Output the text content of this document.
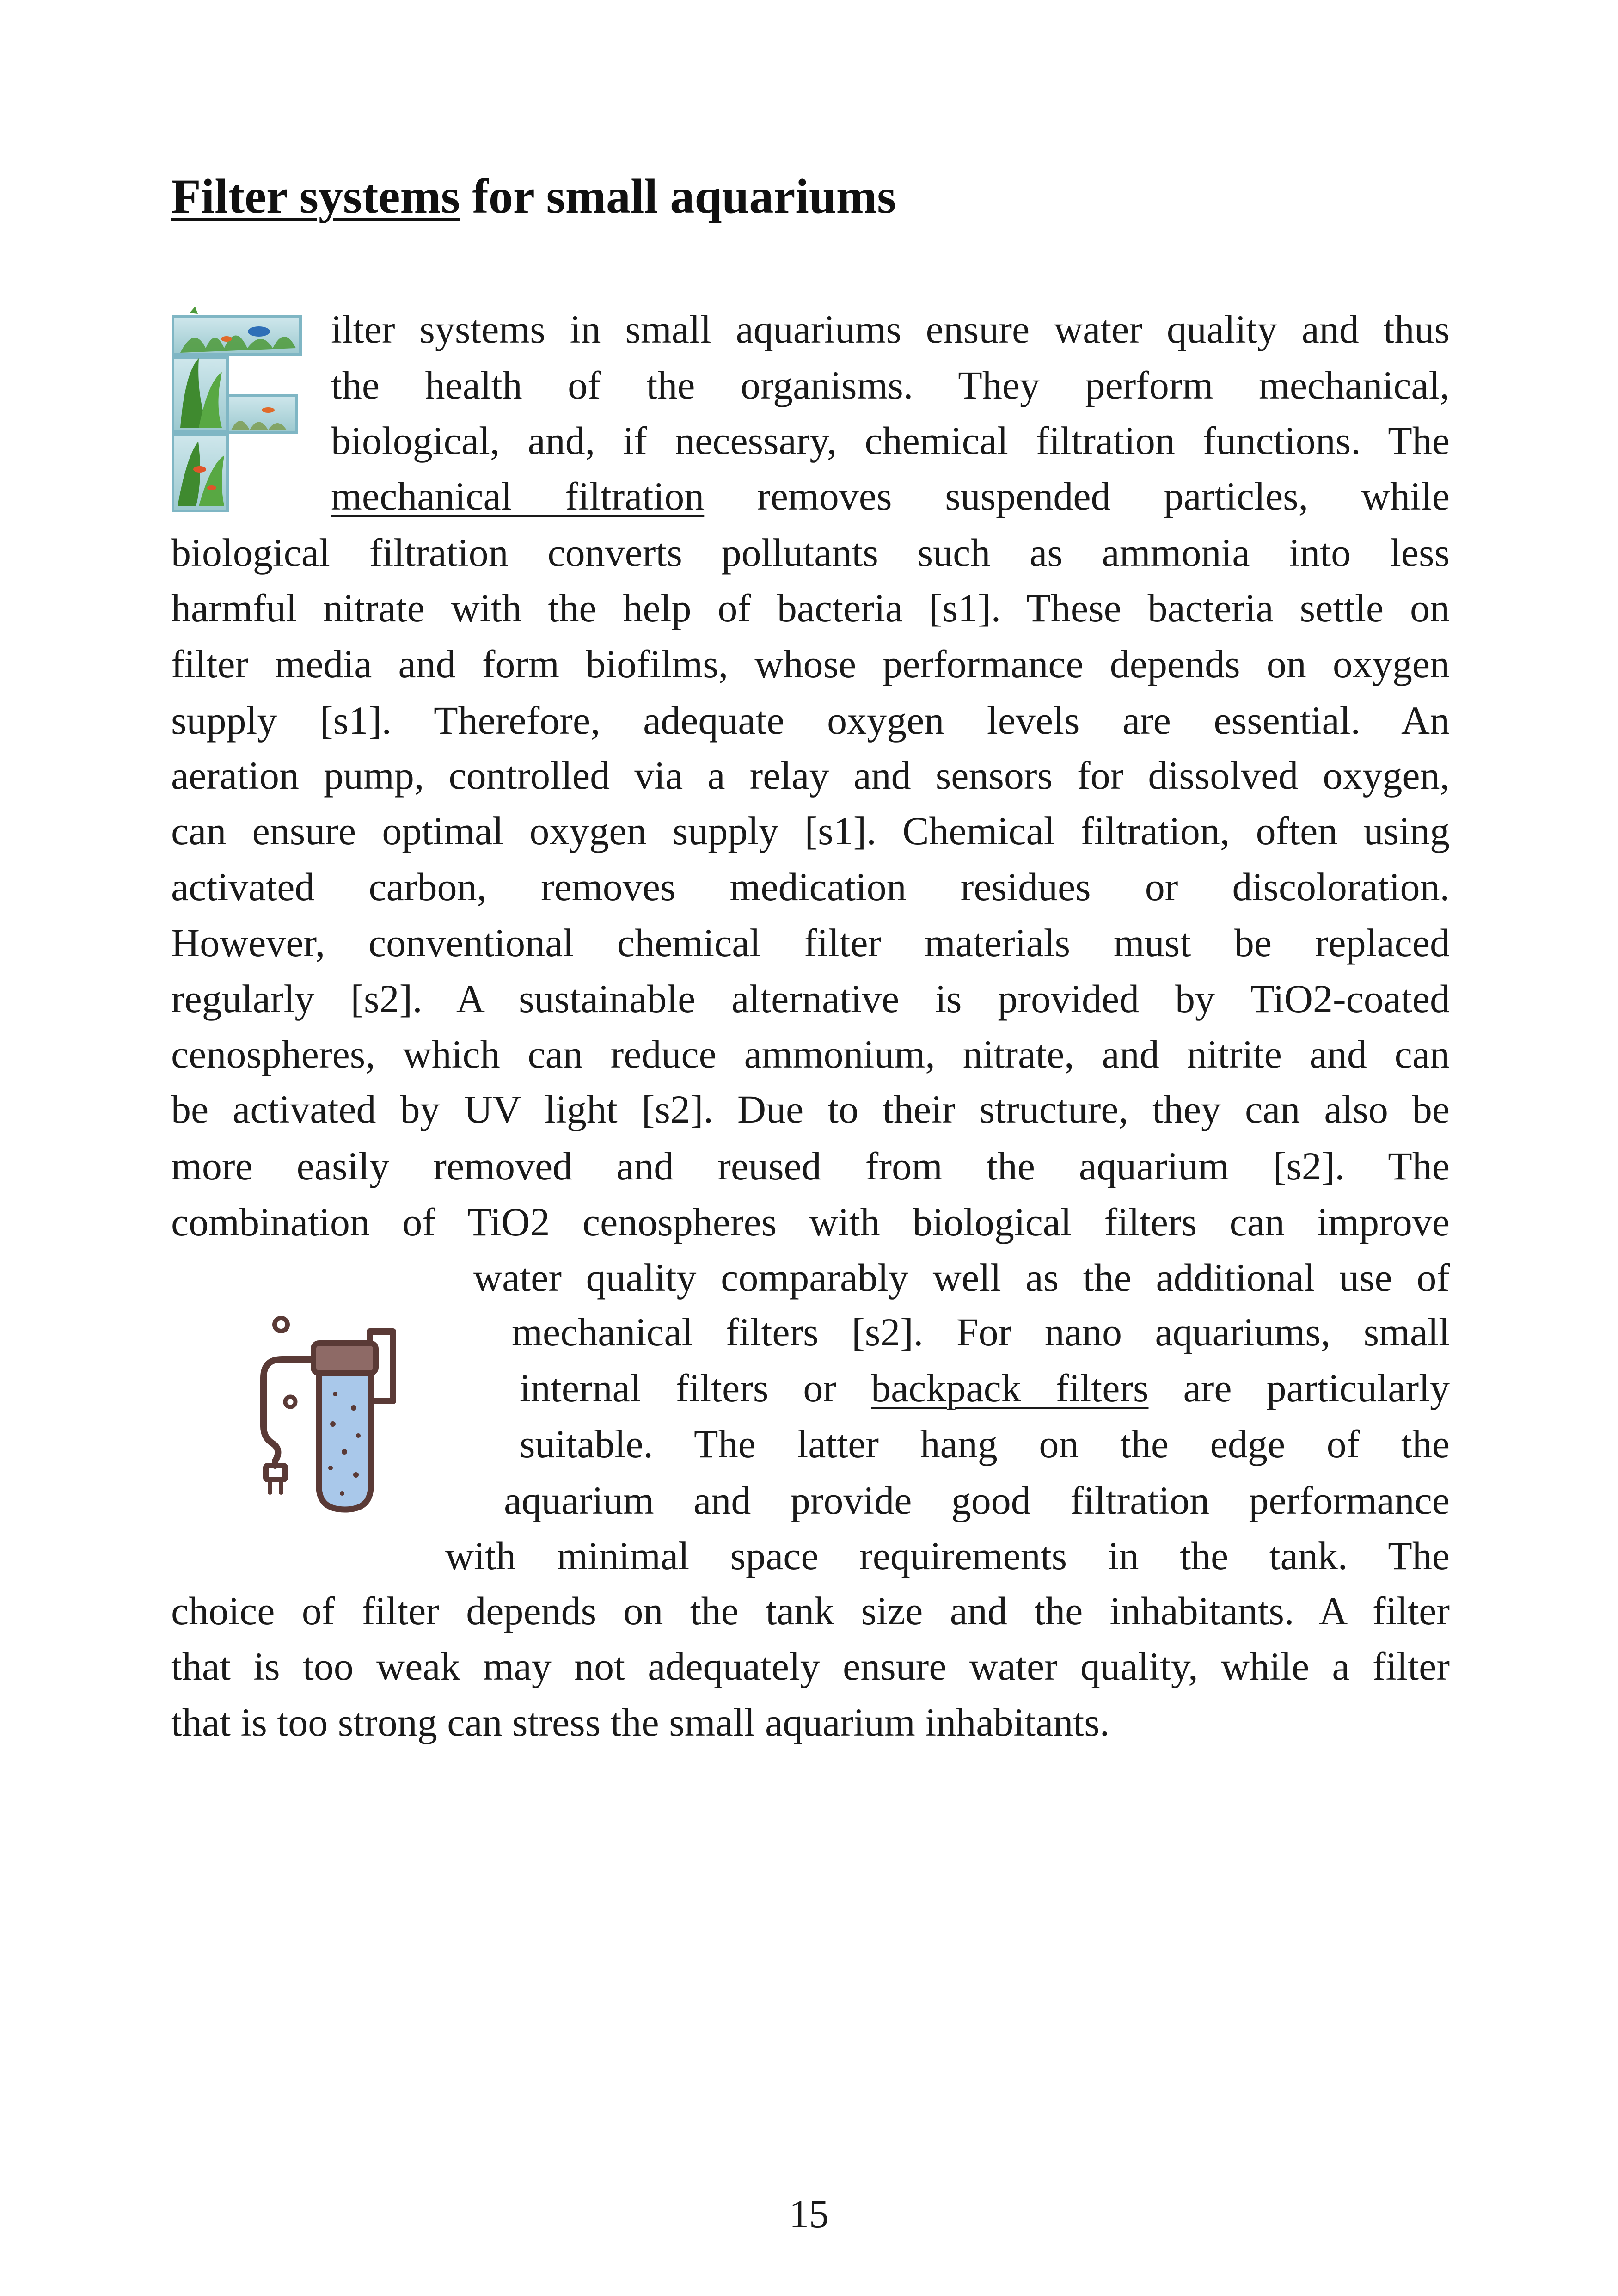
Filter systems for small aquariums
ilter systems in small aquariums ensure water quality and thus
the health of the organisms. They perform mechanical,
biological, and, if necessary, chemical filtration functions. The
mechanical filtration removes suspended particles, while
biological filtration converts pollutants such as ammonia into less
harmful nitrate with the help of bacteria [s1]. These bacteria settle on
filter media and form biofilms, whose performance depends on oxygen
supply [s1]. Therefore, adequate oxygen levels are essential. An
aeration pump, controlled via a relay and sensors for dissolved oxygen,
can ensure optimal oxygen supply [s1]. Chemical filtration, often using
activated carbon, removes medication residues or discoloration.
However, conventional chemical filter materials must be replaced
regularly [s2]. A sustainable alternative is provided by TiO2-coated
cenospheres, which can reduce ammonium, nitrate, and nitrite and can
be activated by UV light [s2]. Due to their structure, they can also be
more easily removed and reused from the aquarium [s2]. The
combination of TiO2 cenospheres with biological filters can improve
water quality comparably well as the additional use of
mechanical filters [s2]. For nano aquariums, small
internal filters or backpack filters are particularly
suitable. The latter hang on the edge of the
aquarium and provide good filtration performance
with minimal space requirements in the tank. The
choice of filter depends on the tank size and the inhabitants. A filter
that is too weak may not adequately ensure water quality, while a filter
that is too strong can stress the small aquarium inhabitants.
15
